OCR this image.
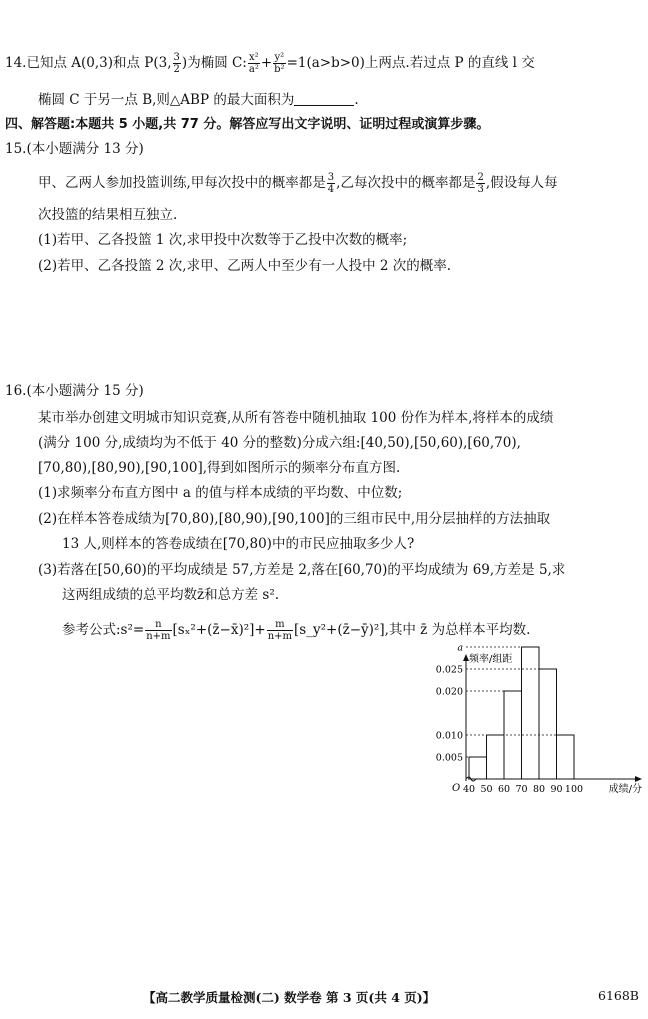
14.已知点 A(0,3)和点 P(3, $\frac{3}{2}$ )为椭圆 C: $\frac{\text{x²}}{\text{a²}} + \frac{\text{y²}}{\text{b²}} =1(a>b>0)$上两点.若过点 P 的直线 l 交
椭圆 C 于另一点 B,则△ABP 的最大面积为	.
四、解答题:本题共 5 小题,共 77 分。解答应写出文字说明、证明过程或演算步骤。
15.(本小题满分 13 分)
甲、乙两人参加投篮训练,甲每次投中的概率都是 $\frac{3}{4}$ ,乙每次投中的概率都是 $\frac{2}{3}$ ,假设每人每
次投篮的结果相互独立.
(1)若甲、乙各投篮 1 次,求甲投中次数等于乙投中次数的概率;
(2)若甲、乙各投篮 2 次,求甲、乙两人中至少有一人投中 2 次的概率.
16.(本小题满分 15 分)
某市举办创建文明城市知识竞赛,从所有答卷中随机抽取 100 份作为样本,将样本的成绩
(满分 100 分,成绩均为不低于 40 分的整数)分成六组:[40,50),[50,60),[60,70),
[70,80),[80,90),[90,100],得到如图所示的频率分布直方图.
(1)求频率分布直方图中 a 的值与样本成绩的平均数、中位数;
(2)在样本答卷成绩为[70,80),[80,90),[90,100]的三组市民中,用分层抽样的方法抽取
13 人,则样本的答卷成绩在[70,80)中的市民应抽取多少人?
(3)若落在[50,60)的平均成绩是 57,方差是 2,落在[60,70)的平均成绩为 69,方差是 5,求
这两组成绩的总平均数z̄和总方差 s².
参考公式:s²= $\frac{n}{n+m}$ [sₓ²+(z̄−x̄)²]+ $\frac{m}{n+m}$ [s_y²+(z̄−ȳ)²],其中 z̄ 为总样本平均数.
0.005
0.010
0.020
0.025
a
40 50 60 70 80 90 100
O
频率/组距
成绩/分
【高二教学质量检测(二) 数学卷 第 3 页(共 4 页)】	6168B
